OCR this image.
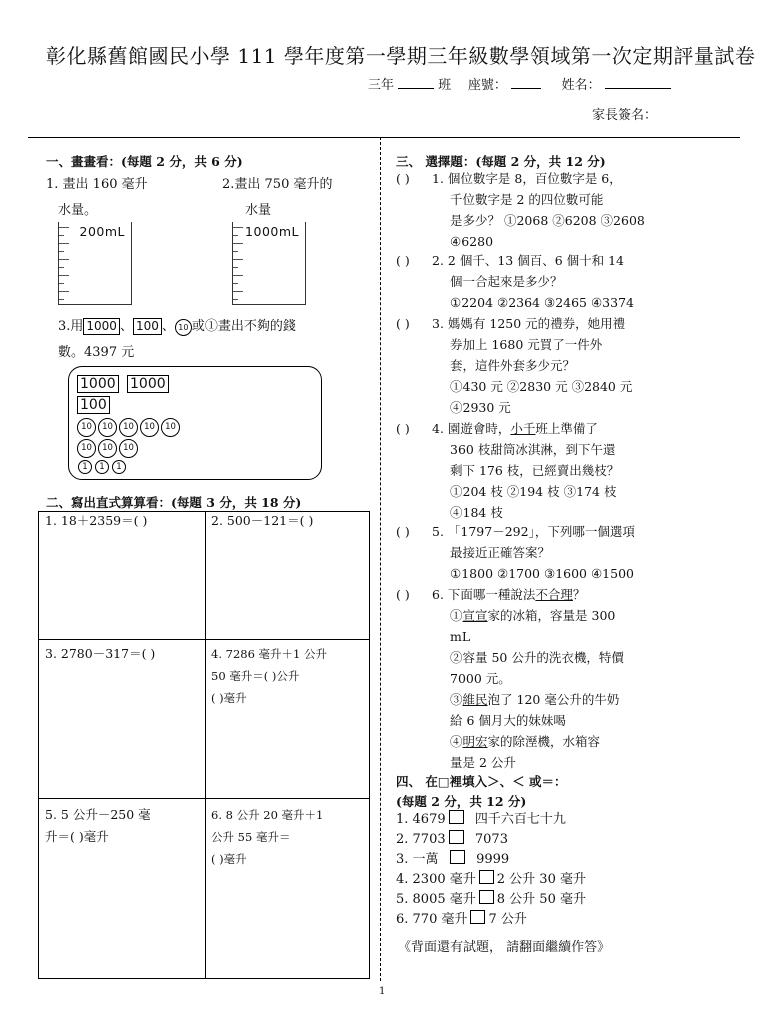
彰化縣舊館國民小學 111 學年度第一學期三年級數學領域第一次定期評量試卷
三年	班 座號：	姓名：
家長簽名：
一、畫畫看：(每題 2 分，共 6 分)
1. 畫出 160 毫升
水量。
2.畫出 750 毫升的
水量
200mL	1000mL
3.用 1000 、 100 、 10 或①畫出不夠的錢
數。4397 元
1000 1000
100
10	10	10	10	10
10	10	10
1	1	1
二、寫出直式算算看：(每題 3 分，共 18 分)
1. 18＋2359＝( )	2. 500－121＝( )
3. 2780－317＝( )	4. 7286 毫升＋1 公升
50 毫升＝( )公升
( )毫升
5. 5 公升－250 毫
升＝( )毫升
6. 8 公升 20 毫升＋1
公升 55 毫升＝
( )毫升
三、 選擇題：(每題 2 分，共 12 分)
( ) 1. 個位數字是 8，百位數字是 6，
千位數字是 2 的四位數可能
是多少？ ①2068 ②6208 ③2608
④6280
( ) 2. 2 個千、13 個百、6 個十和 14
個一合起來是多少？
①2204 ②2364 ③2465 ④3374
( ) 3. 媽媽有 1250 元的禮券，她用禮
券加上 1680 元買了一件外
套，這件外套多少元？
①430 元 ②2830 元 ③2840 元
④2930 元
( ) 4. 園遊會時，小千班上準備了
360 枝甜筒冰淇淋，到下午還
剩下 176 枝，已經賣出幾枝？
①204 枝 ②194 枝 ③174 枝
④184 枝
( ) 5. 「1797－292」，下列哪一個選項
最接近正確答案？
①1800 ②1700 ③1600 ④1500
( ) 6. 下面哪一種說法不合理？
①宣宣家的冰箱，容量是 300
mL
②容量 50 公升的洗衣機，特價
7000 元。
③維民泡了 120 毫公升的牛奶
給 6 個月大的妹妹喝
④明宏家的除溼機，水箱容
量是 2 公升
四、 在□裡填入＞、＜ 或＝：
(每題 2 分，共 12 分)
1. 4679 四千六百七十九
2. 7703 7073
3. 一萬	9999
4. 2300 毫升 2 公升 30 毫升
5. 8005 毫升 8 公升 50 毫升
6. 770 毫升 7 公升
《背面還有試題， 請翻面繼續作答》
1
